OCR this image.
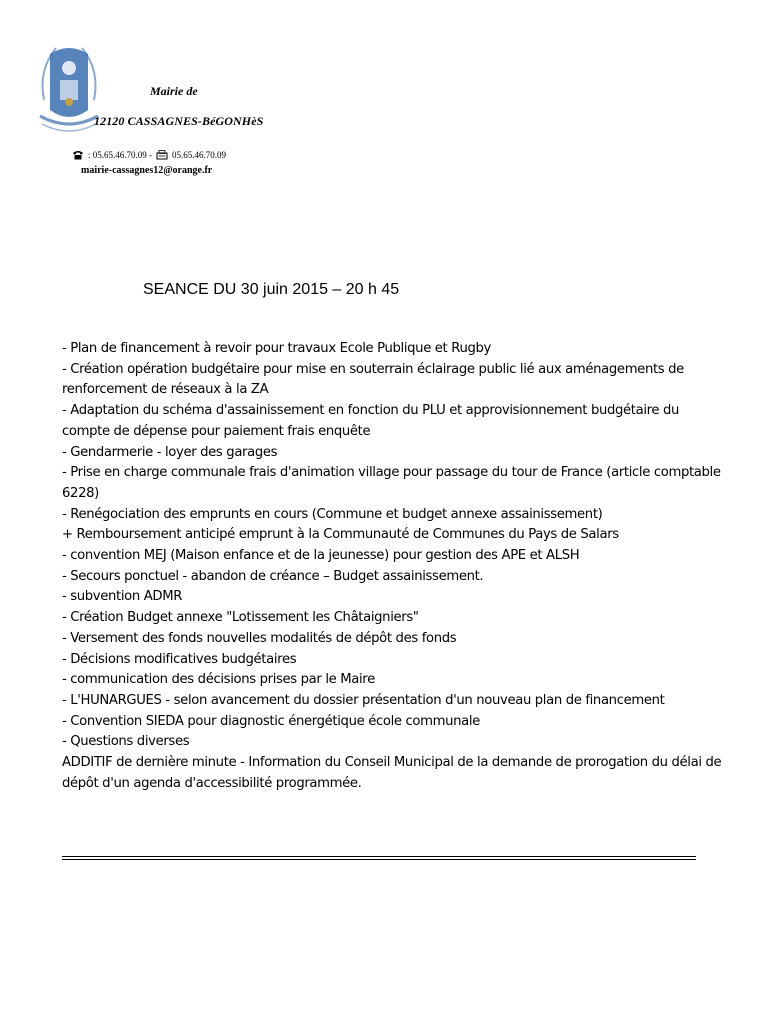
Mairie de
12120 CASSAGNES-BéGONHèS
: 05.65.46.70.09 - 05.65.46.70.09
mairie-cassagnes12@orange.fr
SEANCE DU 30 juin 2015 – 20 h 45
- Plan de financement à revoir pour travaux Ecole Publique et Rugby
- Création opération budgétaire pour mise en souterrain éclairage public lié aux aménagements de renforcement de réseaux à la ZA
- Adaptation du schéma d'assainissement en fonction du PLU et approvisionnement budgétaire du compte de dépense pour paiement frais enquête
- Gendarmerie - loyer des garages
- Prise en charge communale frais d'animation village pour passage du tour de France (article comptable 6228)
- Renégociation des emprunts en cours (Commune et budget annexe assainissement)
+ Remboursement anticipé emprunt à la Communauté de Communes du Pays de Salars
- convention MEJ (Maison enfance et de la jeunesse) pour gestion des APE et ALSH
- Secours ponctuel - abandon de créance – Budget assainissement.
- subvention ADMR
- Création Budget annexe "Lotissement les Châtaigniers"
- Versement des fonds nouvelles modalités de dépôt des fonds
- Décisions modificatives budgétaires
- communication des décisions prises par le Maire
- L'HUNARGUES - selon avancement du dossier présentation d'un nouveau plan de financement
- Convention SIEDA pour diagnostic énergétique école communale
- Questions diverses
ADDITIF de dernière minute - Information du Conseil Municipal de la demande de prorogation du délai de dépôt d'un agenda d'accessibilité programmée.
